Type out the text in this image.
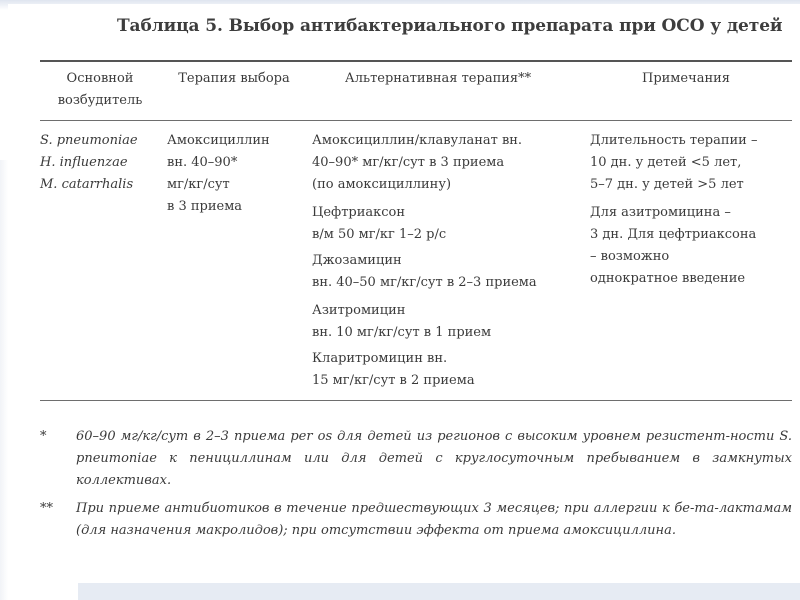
Таблица 5. Выбор антибактериального препарата при ОСО у детей
Основной
возбудитель
Терапия выбора	Альтернативная терапия**	Примечания
S. pneumoniae
H. influenzae
M. catarrhalis
Амоксициллин
вн. 40–90*
мг/кг/сут
в 3 приема
Амоксициллин/клавуланат вн.
40–90* мг/кг/сут в 3 приема
(по амоксициллину)
Цефтриаксон
в/м 50 мг/кг 1–2 р/с
Джозамицин
вн. 40–50 мг/кг/сут в 2–3 приема
Азитромицин
вн. 10 мг/кг/сут в 1 прием
Кларитромицин вн.
15 мг/кг/сут в 2 приема
Длительность терапии –
10 дн. у детей <5 лет,
5–7 дн. у детей >5 лет
Для азитромицина –
3 дн. Для цефтриаксона
– возможно
однократное введение
* 60–90 мг/кг/сут в 2–3 приема per os для детей из регионов с высоким уровнем резистент-ности S. pneumoniae к пенициллинам или для детей с круглосуточным пребыванием в замкнутых коллективах.
** При приеме антибиотиков в течение предшествующих 3 месяцев; при аллергии к бе-та-лактамам (для назначения макролидов); при отсутствии эффекта от приема амоксициллина.
